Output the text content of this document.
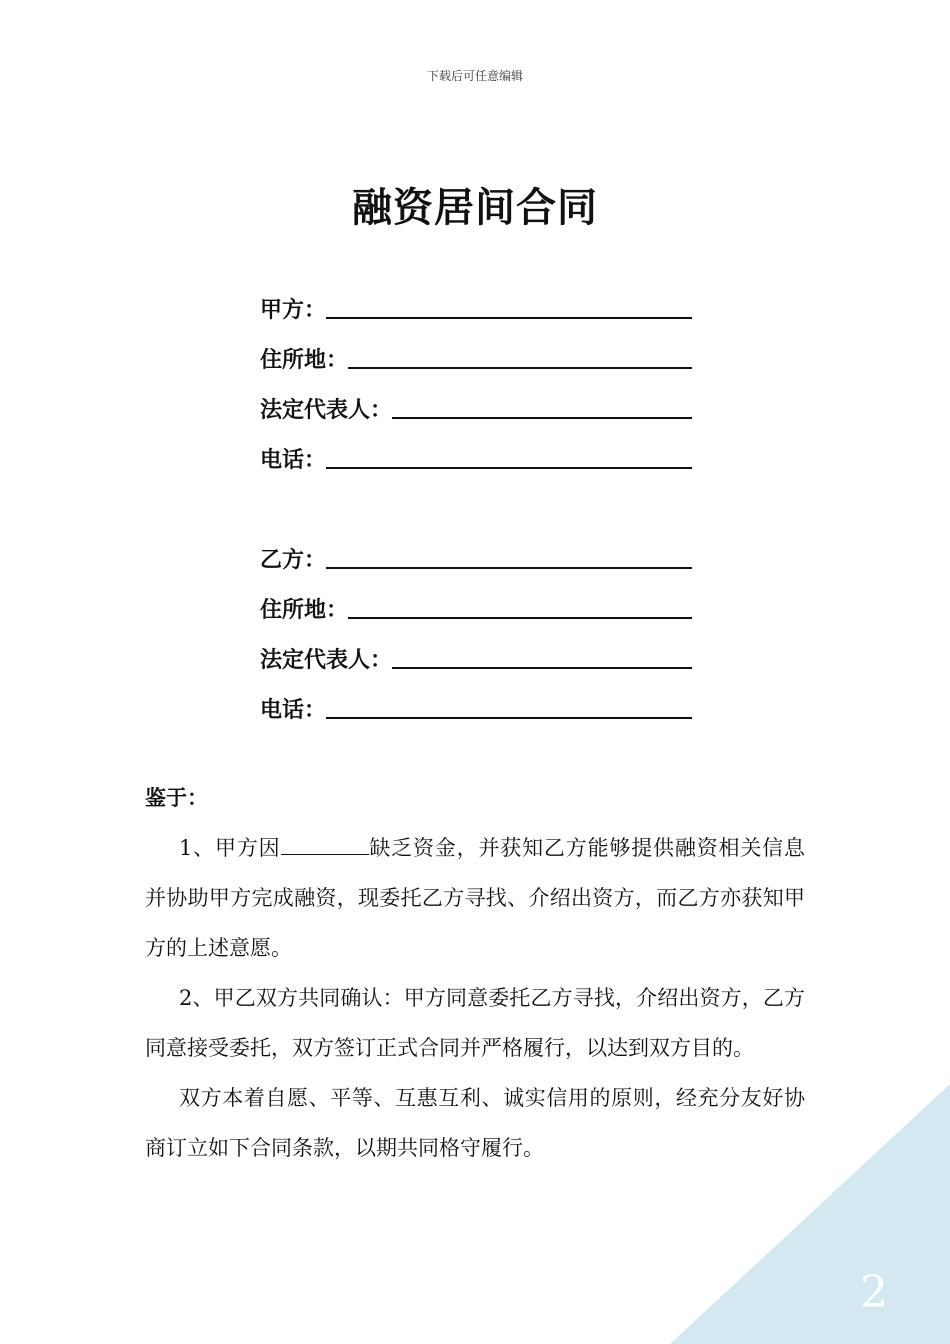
下载后可任意编辑
融资居间合同
甲方：
住所地：
法定代表人：
电话：
乙方：
住所地：
法定代表人：
电话：

鉴于：

1、甲方因	缺乏资金，并获知乙方能够提供融资相关信息并协助甲方完成融资，现委托乙方寻找、介绍出资方，而乙方亦获知甲方的上述意愿。

2、甲乙双方共同确认：甲方同意委托乙方寻找，介绍出资方，乙方同意接受委托，双方签订正式合同并严格履行，以达到双方目的。

双方本着自愿、平等、互惠互利、诚实信用的原则，经充分友好协商订立如下合同条款，以期共同格守履行。

2
